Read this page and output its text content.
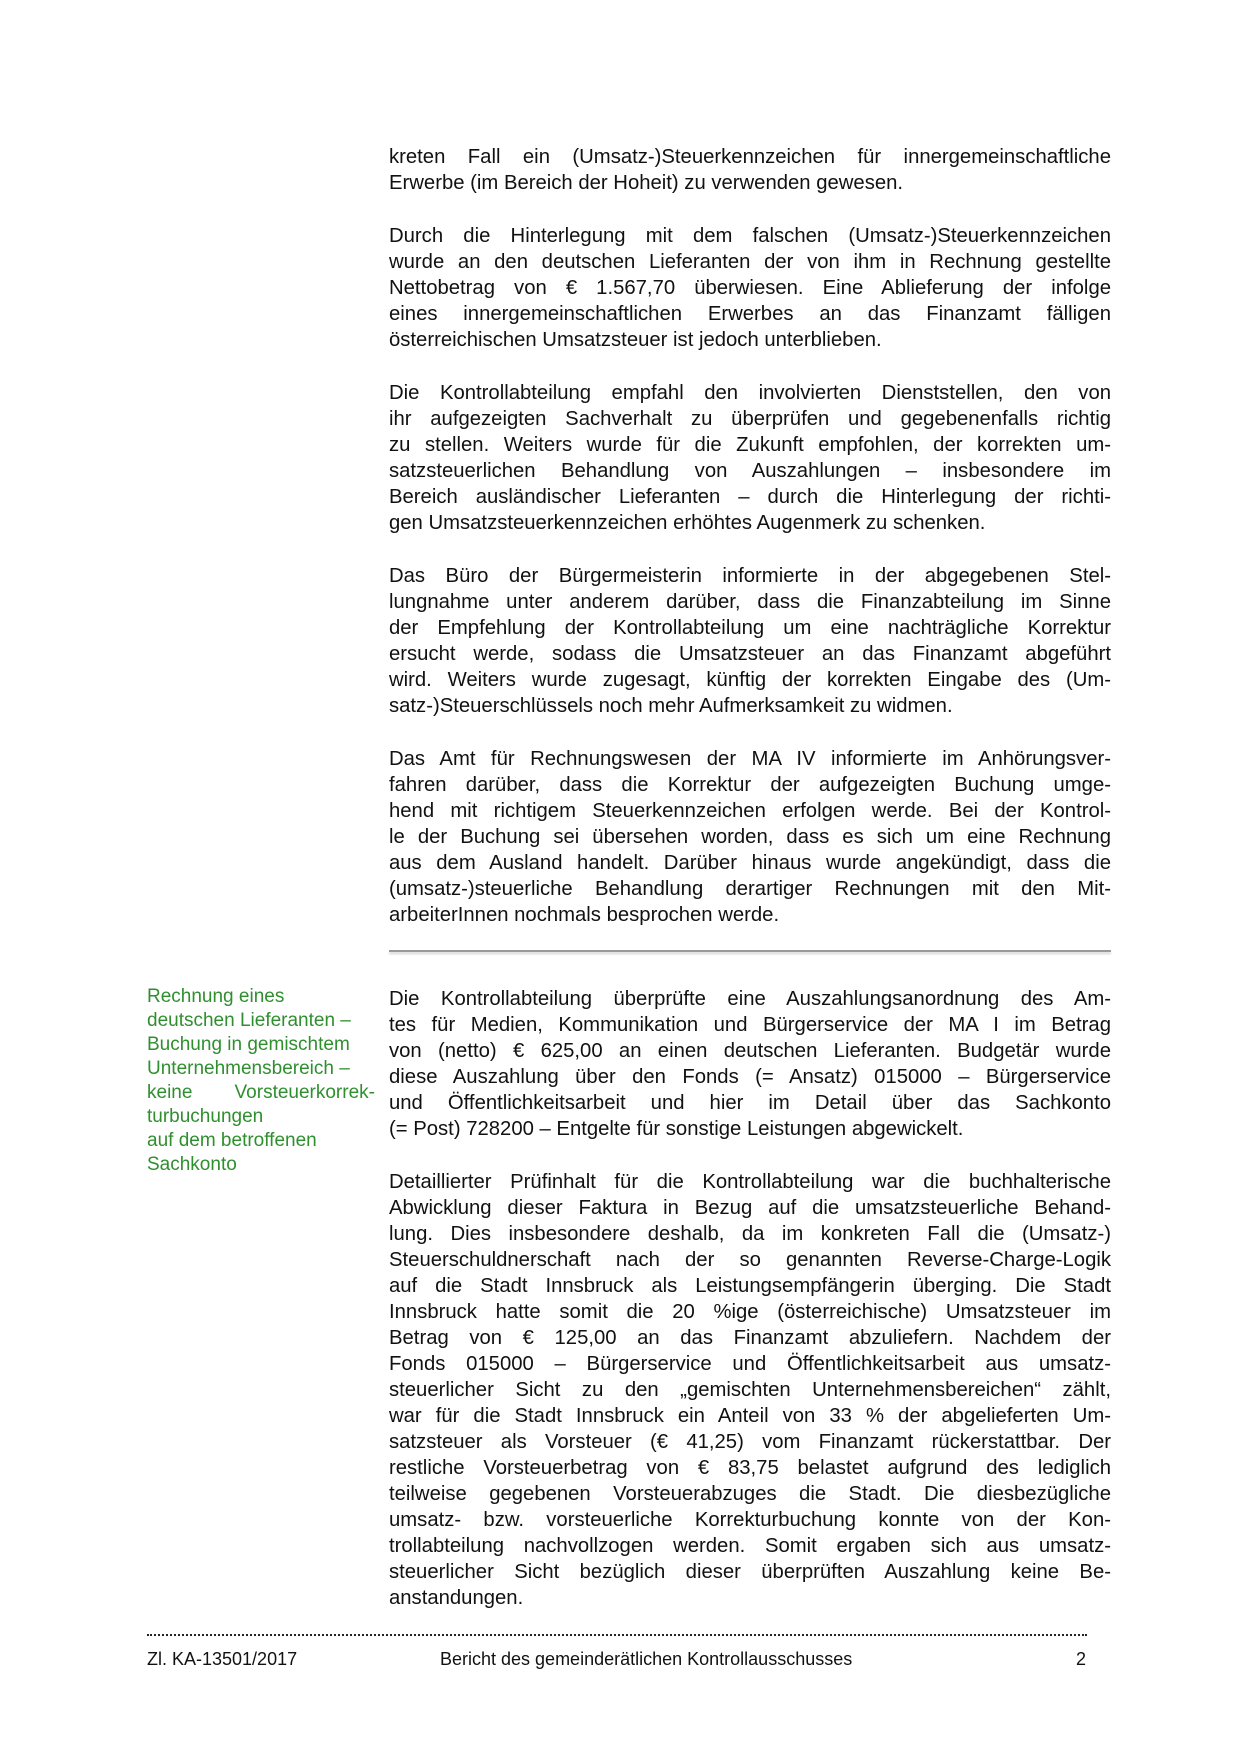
kreten Fall ein (Umsatz-)Steuerkennzeichen für innergemeinschaftliche
Erwerbe (im Bereich der Hoheit) zu verwenden gewesen.
Durch die Hinterlegung mit dem falschen (Umsatz-)Steuerkennzeichen
wurde an den deutschen Lieferanten der von ihm in Rechnung gestellte
Nettobetrag von € 1.567,70 überwiesen. Eine Ablieferung der infolge
eines innergemeinschaftlichen Erwerbes an das Finanzamt fälligen
österreichischen Umsatzsteuer ist jedoch unterblieben.
Die Kontrollabteilung empfahl den involvierten Dienststellen, den von
ihr aufgezeigten Sachverhalt zu überprüfen und gegebenenfalls richtig
zu stellen. Weiters wurde für die Zukunft empfohlen, der korrekten um-
satzsteuerlichen Behandlung von Auszahlungen – insbesondere im
Bereich ausländischer Lieferanten – durch die Hinterlegung der richti-
gen Umsatzsteuerkennzeichen erhöhtes Augenmerk zu schenken.
Das Büro der Bürgermeisterin informierte in der abgegebenen Stel-
lungnahme unter anderem darüber, dass die Finanzabteilung im Sinne
der Empfehlung der Kontrollabteilung um eine nachträgliche Korrektur
ersucht werde, sodass die Umsatzsteuer an das Finanzamt abgeführt
wird. Weiters wurde zugesagt, künftig der korrekten Eingabe des (Um-
satz-)Steuerschlüssels noch mehr Aufmerksamkeit zu widmen.
Das Amt für Rechnungswesen der MA IV informierte im Anhörungsver-
fahren darüber, dass die Korrektur der aufgezeigten Buchung umge-
hend mit richtigem Steuerkennzeichen erfolgen werde. Bei der Kontrol-
le der Buchung sei übersehen worden, dass es sich um eine Rechnung
aus dem Ausland handelt. Darüber hinaus wurde angekündigt, dass die
(umsatz-)steuerliche Behandlung derartiger Rechnungen mit den Mit-
arbeiterInnen nochmals besprochen werde.
Rechnung eines
deutschen Lieferanten –
Buchung in gemischtem
Unternehmensbereich –
keine Vorsteuerkorrek-
turbuchungen
auf dem betroffenen
Sachkonto
Die Kontrollabteilung überprüfte eine Auszahlungsanordnung des Am-
tes für Medien, Kommunikation und Bürgerservice der MA I im Betrag
von (netto) € 625,00 an einen deutschen Lieferanten. Budgetär wurde
diese Auszahlung über den Fonds (= Ansatz) 015000 – Bürgerservice
und Öffentlichkeitsarbeit und hier im Detail über das Sachkonto
(= Post) 728200 – Entgelte für sonstige Leistungen abgewickelt.
Detaillierter Prüfinhalt für die Kontrollabteilung war die buchhalterische
Abwicklung dieser Faktura in Bezug auf die umsatzsteuerliche Behand-
lung. Dies insbesondere deshalb, da im konkreten Fall die (Umsatz-)
Steuerschuldnerschaft nach der so genannten Reverse-Charge-Logik
auf die Stadt Innsbruck als Leistungsempfängerin überging. Die Stadt
Innsbruck hatte somit die 20 %ige (österreichische) Umsatzsteuer im
Betrag von € 125,00 an das Finanzamt abzuliefern. Nachdem der
Fonds 015000 – Bürgerservice und Öffentlichkeitsarbeit aus umsatz-
steuerlicher Sicht zu den „gemischten Unternehmensbereichen“ zählt,
war für die Stadt Innsbruck ein Anteil von 33 % der abgelieferten Um-
satzsteuer als Vorsteuer (€ 41,25) vom Finanzamt rückerstattbar. Der
restliche Vorsteuerbetrag von € 83,75 belastet aufgrund des lediglich
teilweise gegebenen Vorsteuerabzuges die Stadt. Die diesbezügliche
umsatz- bzw. vorsteuerliche Korrekturbuchung konnte von der Kon-
trollabteilung nachvollzogen werden. Somit ergaben sich aus umsatz-
steuerlicher Sicht bezüglich dieser überprüften Auszahlung keine Be-
anstandungen.
Zl. KA-13501/2017	Bericht des gemeinderätlichen Kontrollausschusses	2
